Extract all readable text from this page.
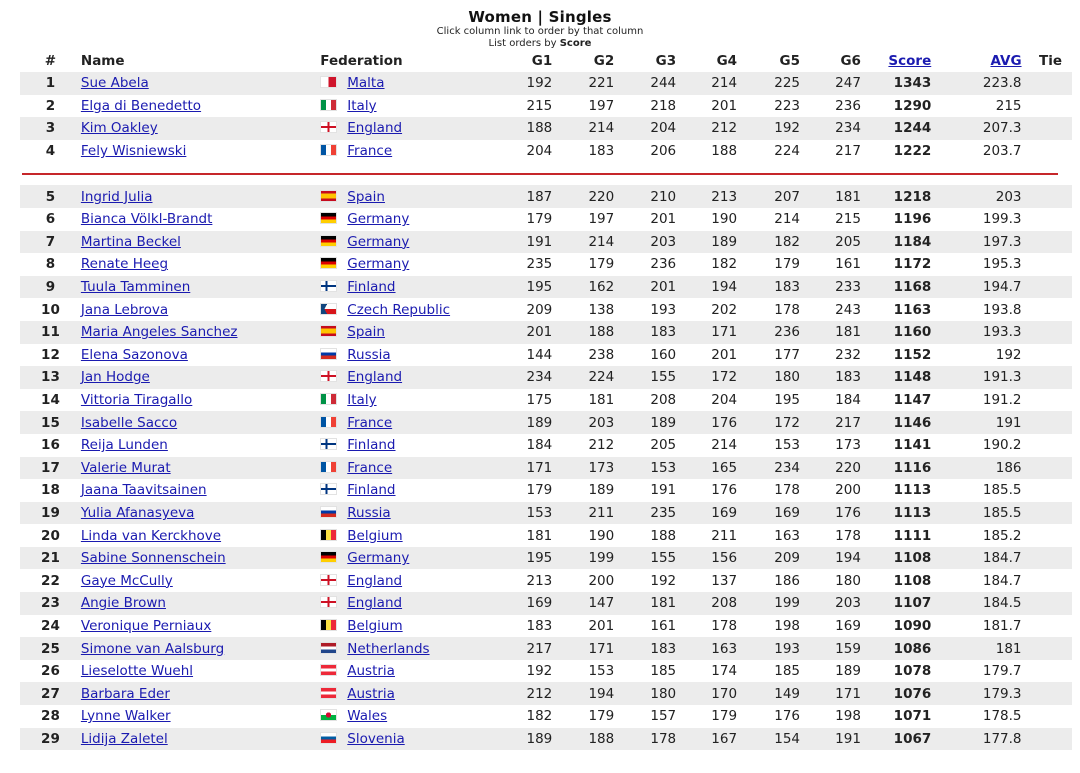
Women | Singles
Click column link to order by that column
List orders by Score
#	Name	Federation	G1	G2	G3	G4	G5	G6	Score	AVG	Tie
1	Sue Abela	Malta	192	221	244	214	225	247	1343	223.8	
2	Elga di Benedetto	Italy	215	197	218	201	223	236	1290	215	
3	Kim Oakley	England	188	214	204	212	192	234	1244	207.3	
4	Fely Wisniewski	France	204	183	206	188	224	217	1222	203.7	

5	Ingrid Julia	Spain	187	220	210	213	207	181	1218	203	
6	Bianca Völkl-Brandt	Germany	179	197	201	190	214	215	1196	199.3	
7	Martina Beckel	Germany	191	214	203	189	182	205	1184	197.3	
8	Renate Heeg	Germany	235	179	236	182	179	161	1172	195.3	
9	Tuula Tamminen	Finland	195	162	201	194	183	233	1168	194.7	
10	Jana Lebrova	Czech Republic	209	138	193	202	178	243	1163	193.8	
11	Maria Angeles Sanchez	Spain	201	188	183	171	236	181	1160	193.3	
12	Elena Sazonova	Russia	144	238	160	201	177	232	1152	192	
13	Jan Hodge	England	234	224	155	172	180	183	1148	191.3	
14	Vittoria Tiragallo	Italy	175	181	208	204	195	184	1147	191.2	
15	Isabelle Sacco	France	189	203	189	176	172	217	1146	191	
16	Reija Lunden	Finland	184	212	205	214	153	173	1141	190.2	
17	Valerie Murat	France	171	173	153	165	234	220	1116	186	
18	Jaana Taavitsainen	Finland	179	189	191	176	178	200	1113	185.5	
19	Yulia Afanasyeva	Russia	153	211	235	169	169	176	1113	185.5	
20	Linda van Kerckhove	Belgium	181	190	188	211	163	178	1111	185.2	
21	Sabine Sonnenschein	Germany	195	199	155	156	209	194	1108	184.7	
22	Gaye McCully	England	213	200	192	137	186	180	1108	184.7	
23	Angie Brown	England	169	147	181	208	199	203	1107	184.5	
24	Veronique Perniaux	Belgium	183	201	161	178	198	169	1090	181.7	
25	Simone van Aalsburg	Netherlands	217	171	183	163	193	159	1086	181	
26	Lieselotte Wuehl	Austria	192	153	185	174	185	189	1078	179.7	
27	Barbara Eder	Austria	212	194	180	170	149	171	1076	179.3	
28	Lynne Walker	Wales	182	179	157	179	176	198	1071	178.5	
29	Lidija Zaletel	Slovenia	189	188	178	167	154	191	1067	177.8	
